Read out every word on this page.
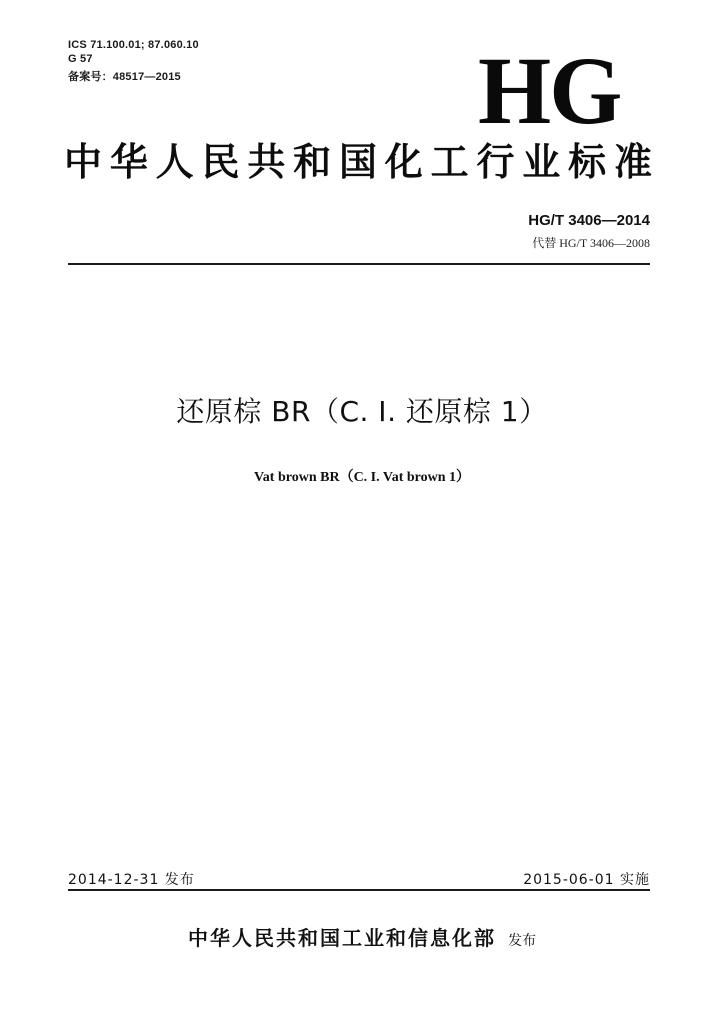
ICS 71.100.01; 87.060.10
G 57
备案号：48517—2015	HG
中华人民共和国化工行业标准
HG/T 3406—2014
代替 HG/T 3406—2008
还原棕 BR（C. I. 还原棕 1）
Vat brown BR（C. I. Vat brown 1）
2014-12-31 发布	2015-06-01 实施
中华人民共和国工业和信息化部 发布
